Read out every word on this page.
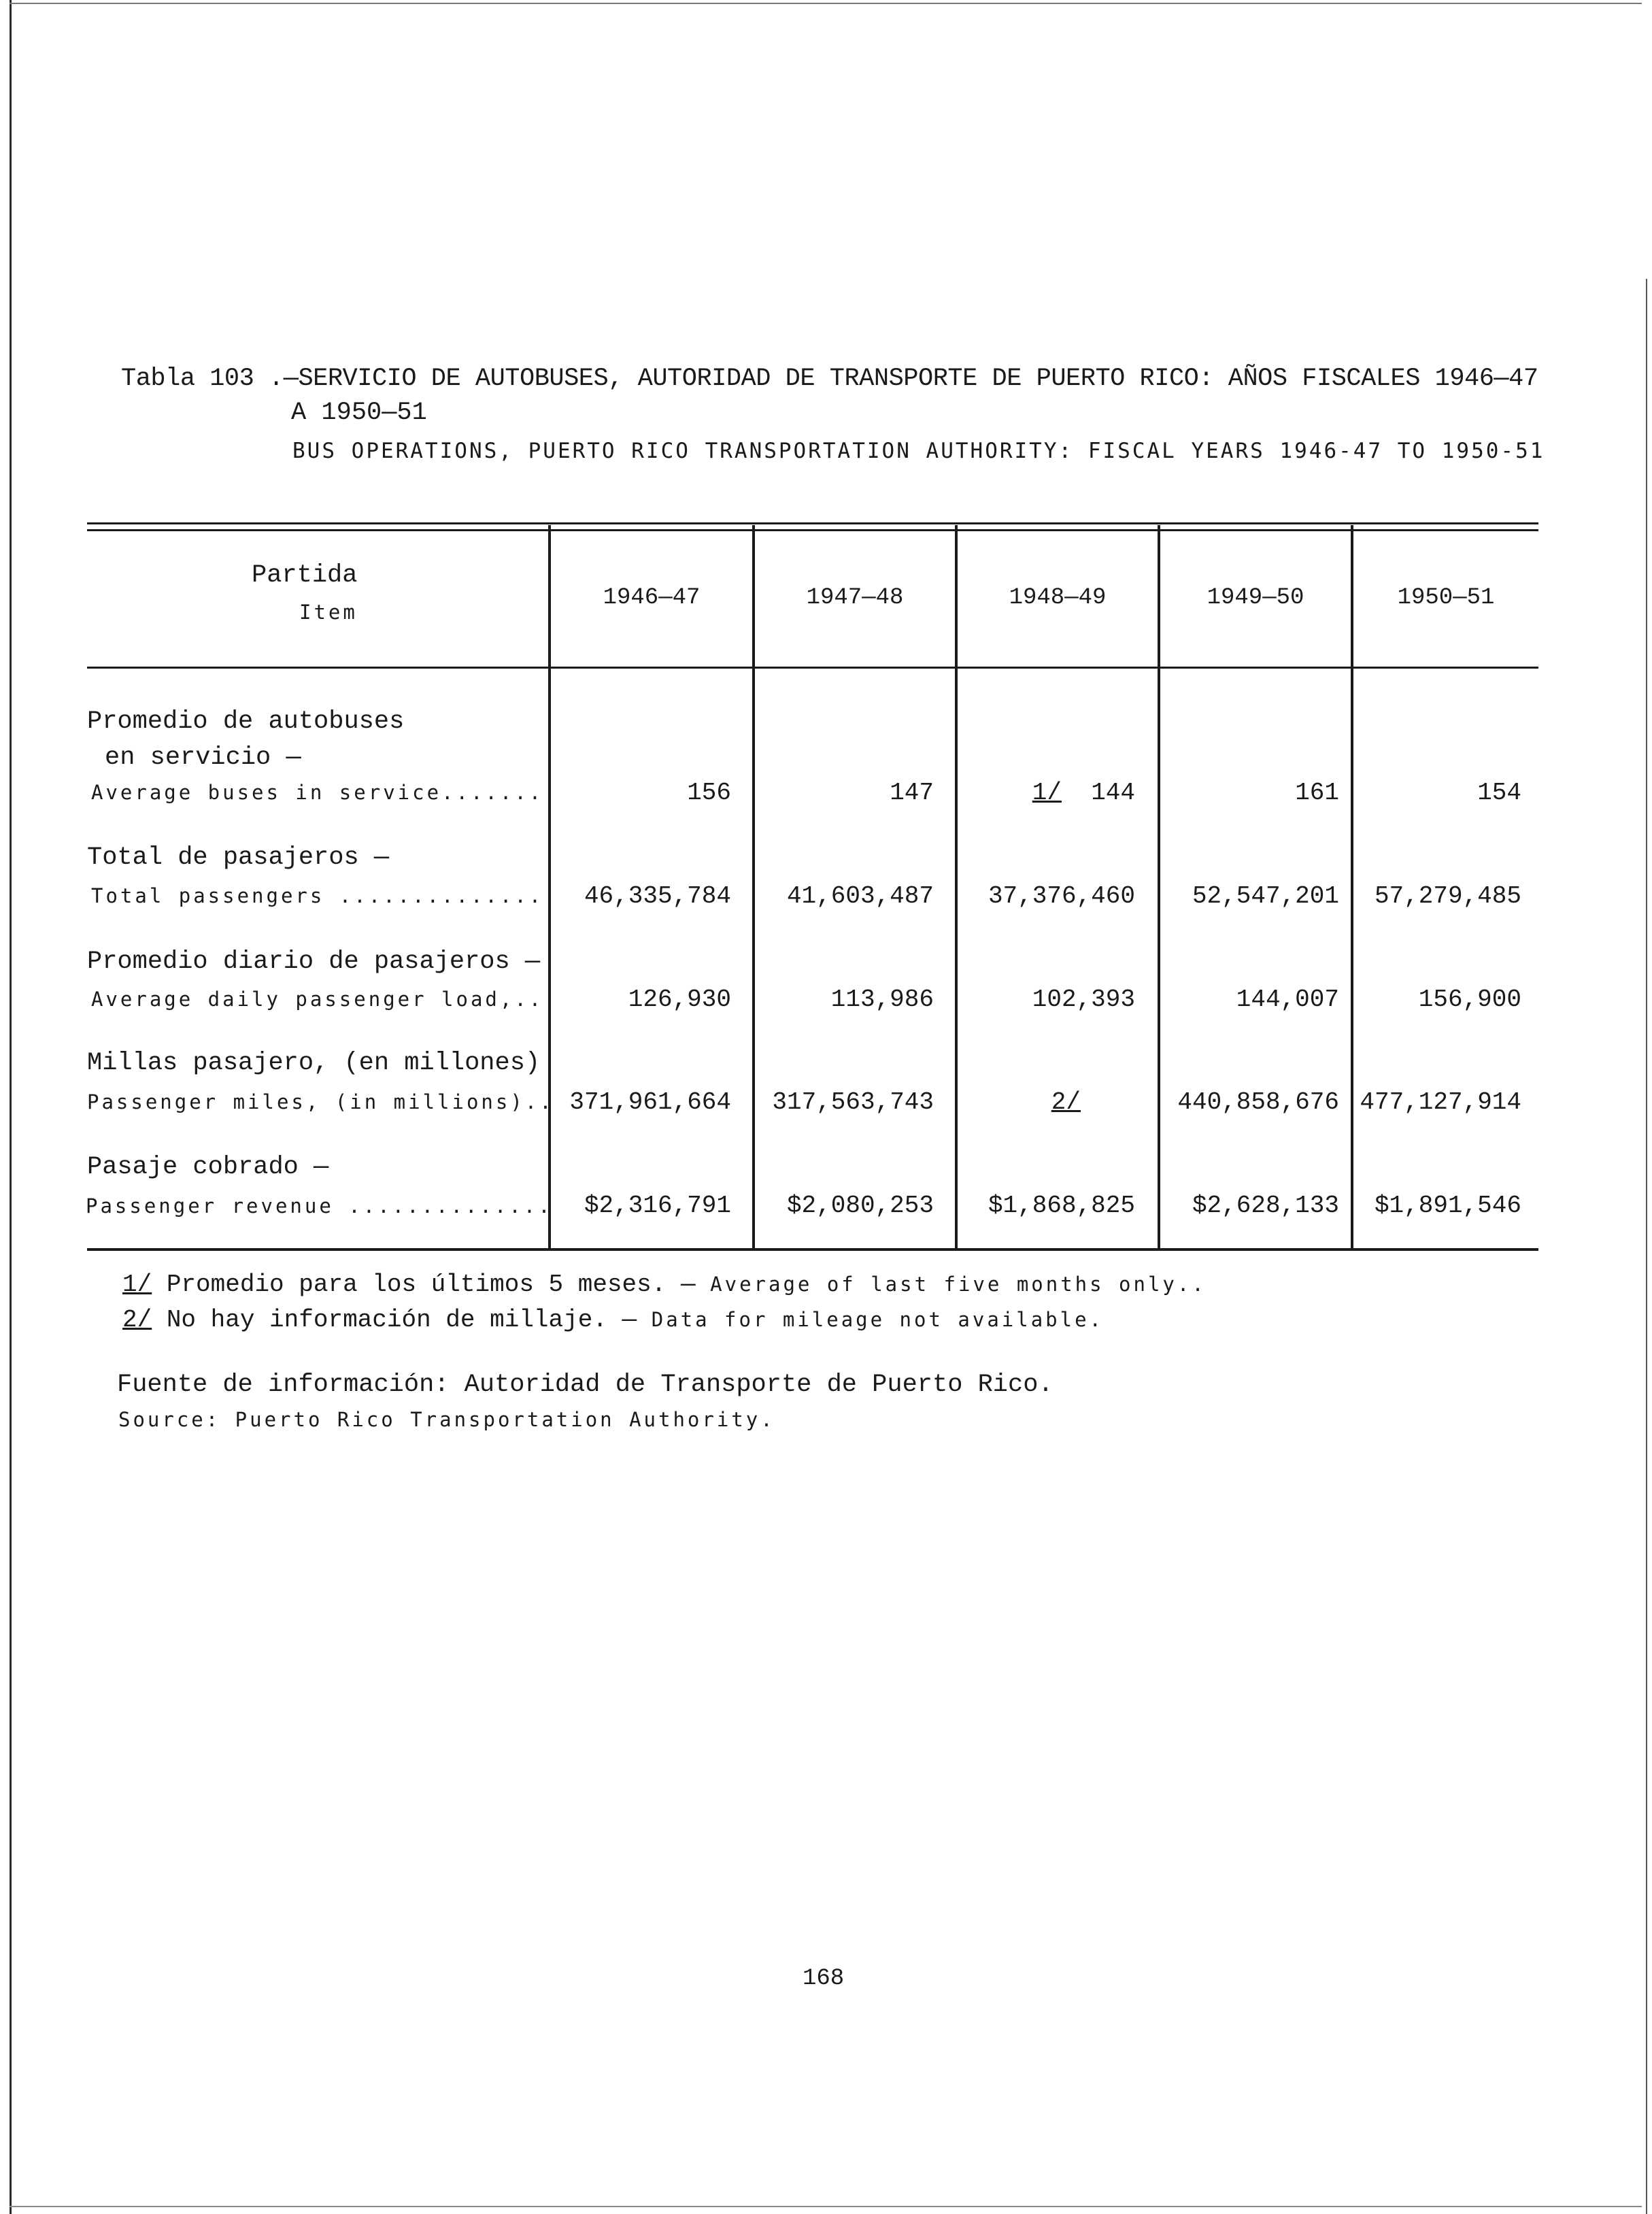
Tabla 103 .—SERVICIO DE AUTOBUSES, AUTORIDAD DE TRANSPORTE DE PUERTO RICO: AÑOS FISCALES 1946—47
A 1950—51
BUS OPERATIONS, PUERTO RICO TRANSPORTATION AUTHORITY: FISCAL YEARS 1946-47 TO 1950-51
Partida
Item
1946—47	1947—48	1948—49	1949—50	1950—51
Promedio de autobuses
en servicio —
Average buses in service........	156	147	1/ 144	161	154
Total de pasajeros —
Total passengers ............... 46,335,784 41,603,487 37,376,460 52,547,201 57,279,485
Promedio diario de pasajeros —
Average daily passenger load,...	126,930	113,986	102,393	144,007	156,900
Millas pasajero, (en millones)
Passenger miles, (in millions).. 371,961,664 317,563,743	2/	440,858,676 477,127,914
Pasaje cobrado —
Passenger revenue .............. $2,316,791 $2,080,253 $1,868,825 $2,628,133 $1,891,546
1/ Promedio para los últimos 5 meses. — Average of last five months only..
2/ No hay información de millaje. — Data for mileage not available.
Fuente de información: Autoridad de Transporte de Puerto Rico.
Source: Puerto Rico Transportation Authority.
168
